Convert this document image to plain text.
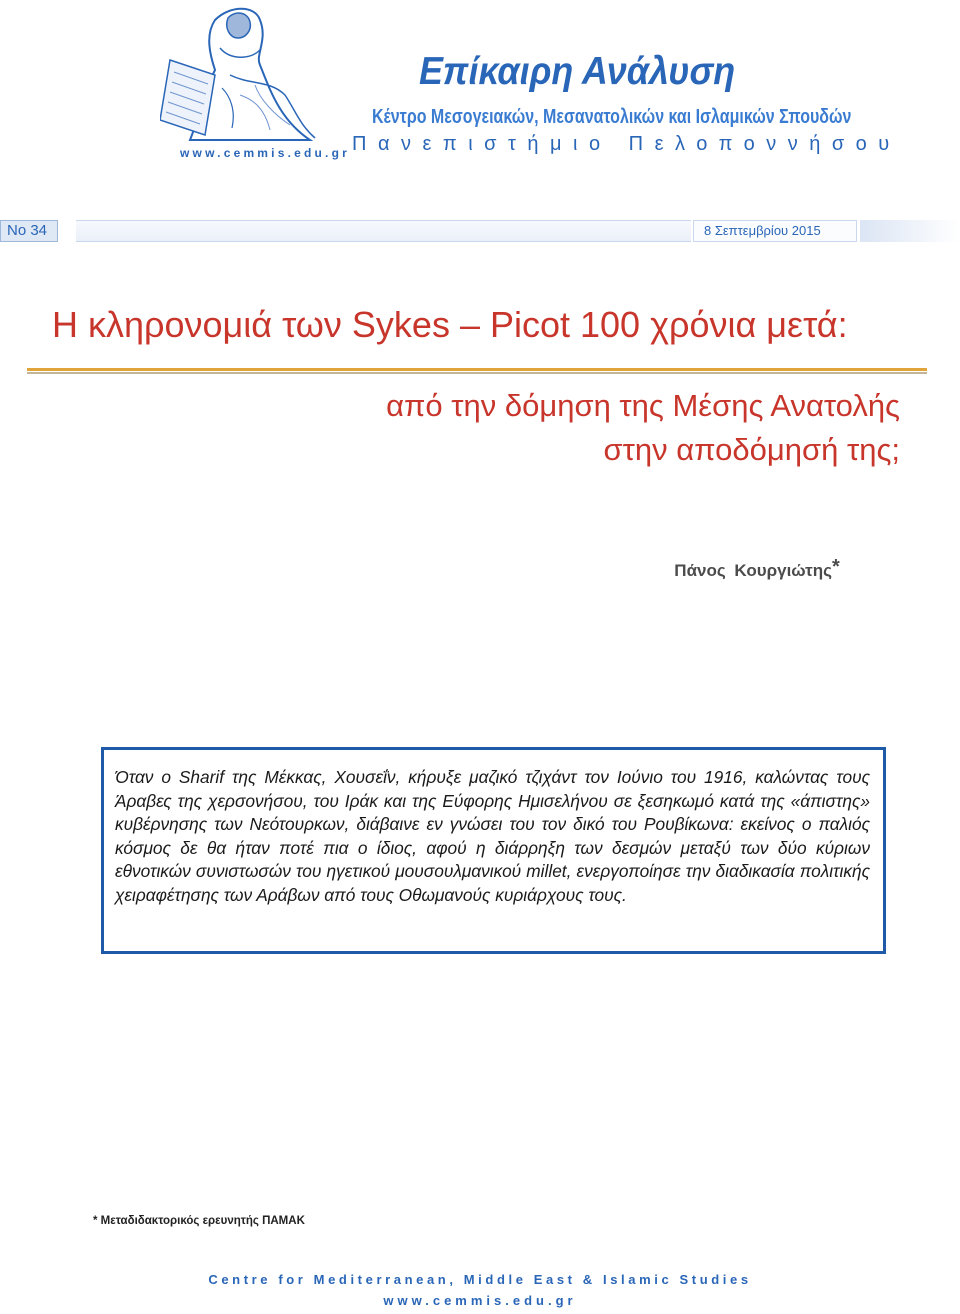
www.cemmis.edu.gr
Επίκαιρη Ανάλυση
Κέντρο Μεσογειακών, Μεσανατολικών και Ισλαμικών Σπουδών
Πανεπιστήμιο Πελοποννήσου
No 34	8 Σεπτεμβρίου 2015
Η κληρονομιά των Sykes – Picot 100 χρόνια μετά:
από την δόμηση της Μέσης Ανατολής
στην αποδόμησή της;
Πάνος Κουργιώτης *

Όταν ο Sharif της Μέκκας, Χουσεΐν, κήρυξε μαζικό τζιχάντ τον Ιούνιο του 1916, καλώντας τους Άραβες της χερσονήσου, του Ιράκ και της Εύφορης Ημισελήνου σε ξεσηκωμό κατά της «άπιστης» κυβέρνησης των Νεότουρκων, διάβαινε εν γνώσει του τον δικό του Ρουβίκωνα: εκείνος ο παλιός κόσμος δε θα ήταν ποτέ πια ο ίδιος, αφού η διάρρηξη των δεσμών μεταξύ των δύο κύριων εθνοτικών συνιστωσών του ηγετικού μουσουλμανικού millet, ενεργοποίησε την διαδικασία πολιτικής χειραφέτησης των Αράβων από τους Οθωμανούς κυριάρχους τους.

* Μεταδιδακτορικός ερευνητής ΠΑΜΑΚ
Centre for Mediterranean, Middle East & Islamic Studies
www.cemmis.edu.gr
